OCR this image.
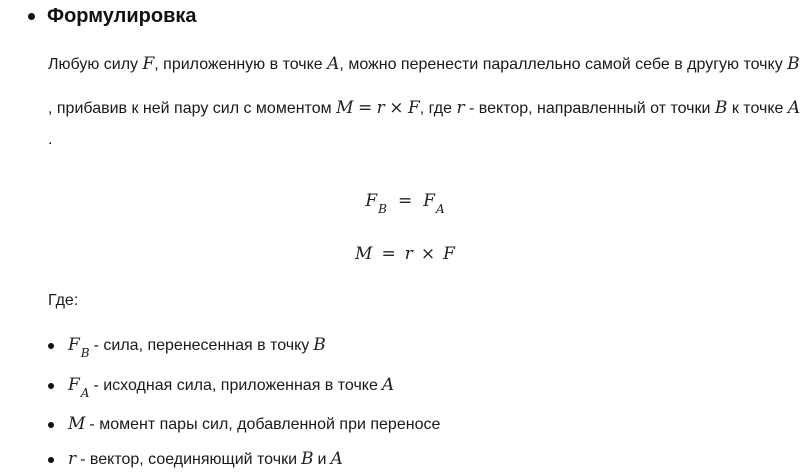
Формулировка
Любую силу F, приложенную в точке A, можно перенести параллельно самой себе в другую точку B
, прибавив к ней пару сил с моментом M = r × F, где r - вектор, направленный от точки B к точке A
.
$F_B = F_A$
M = r × F
Где:
$F_B$ - сила, перенесенная в точку B
$F_A$ - исходная сила, приложенная в точке A
M - момент пары сил, добавленной при переносе
r - вектор, соединяющий точки B и A
